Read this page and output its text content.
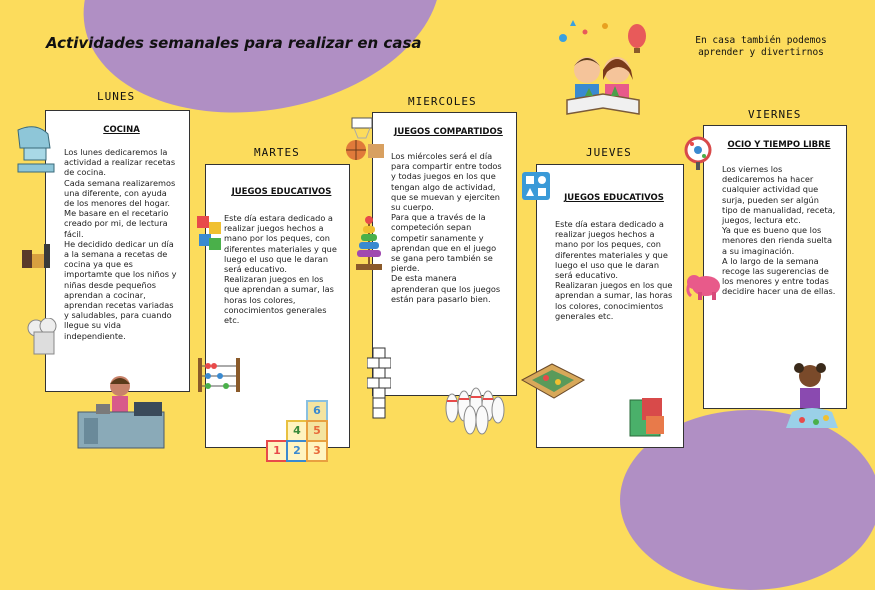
Actividades semanales para realizar en casa	En casa también podemos aprender y divertirnos
LUNES
MARTES
MIERCOLES
JUEVES
VIERNES
COCINA

Los lunes dedicaremos la actividad a realizar recetas de cocina.
Cada semana realizaremos una diferente, con ayuda de los menores del hogar.
Me basare en el recetario creado por mi, de lectura fácil.
He decidido dedicar un día a la semana a recetas de cocina ya que es importamte que los niños y niñas desde pequeños aprendan a cocinar, aprendan recetas variadas y saludables, para cuando llegue su vida independiente.

JUEGOS EDUCATIVOS

Este día estara dedicado a realizar juegos hechos a mano por los peques, con diferentes materiales y que luego el uso que le daran será educativo.
Realizaran juegos en los que aprendan a sumar, las horas los colores, conocimientos generales etc.

JUEGOS COMPARTIDOS

Los miércoles será el día para compartir entre todos y todas juegos en los que tengan algo de actividad, que se muevan y ejerciten su cuerpo.
Para que a través de la competeción sepan competir sanamente y aprendan que en el juego se gana pero también se pierde.
De esta manera aprenderan que los juegos están para pasarlo bien.

JUEGOS EDUCATIVOS

Este día estara dedicado a realizar juegos hechos a mano por los peques, con diferentes materiales y que luego el uso que le daran será educativo.
Realizaran juegos en los que aprendan a sumar, las horas los colores, conocimientos generales etc.

OCIO Y TIEMPO LIBRE

Los viernes los dedicaremos ha hacer cualquier actividad que surja, pueden ser algún tipo de manualidad, receta, juegos, lectura etc.
Ya que es bueno que los menores den rienda suelta a su imaginación.
A lo largo de la semana recoge las sugerencias de los menores y entre todas decidire hacer una de ellas.

6
4	5
1	2	3
